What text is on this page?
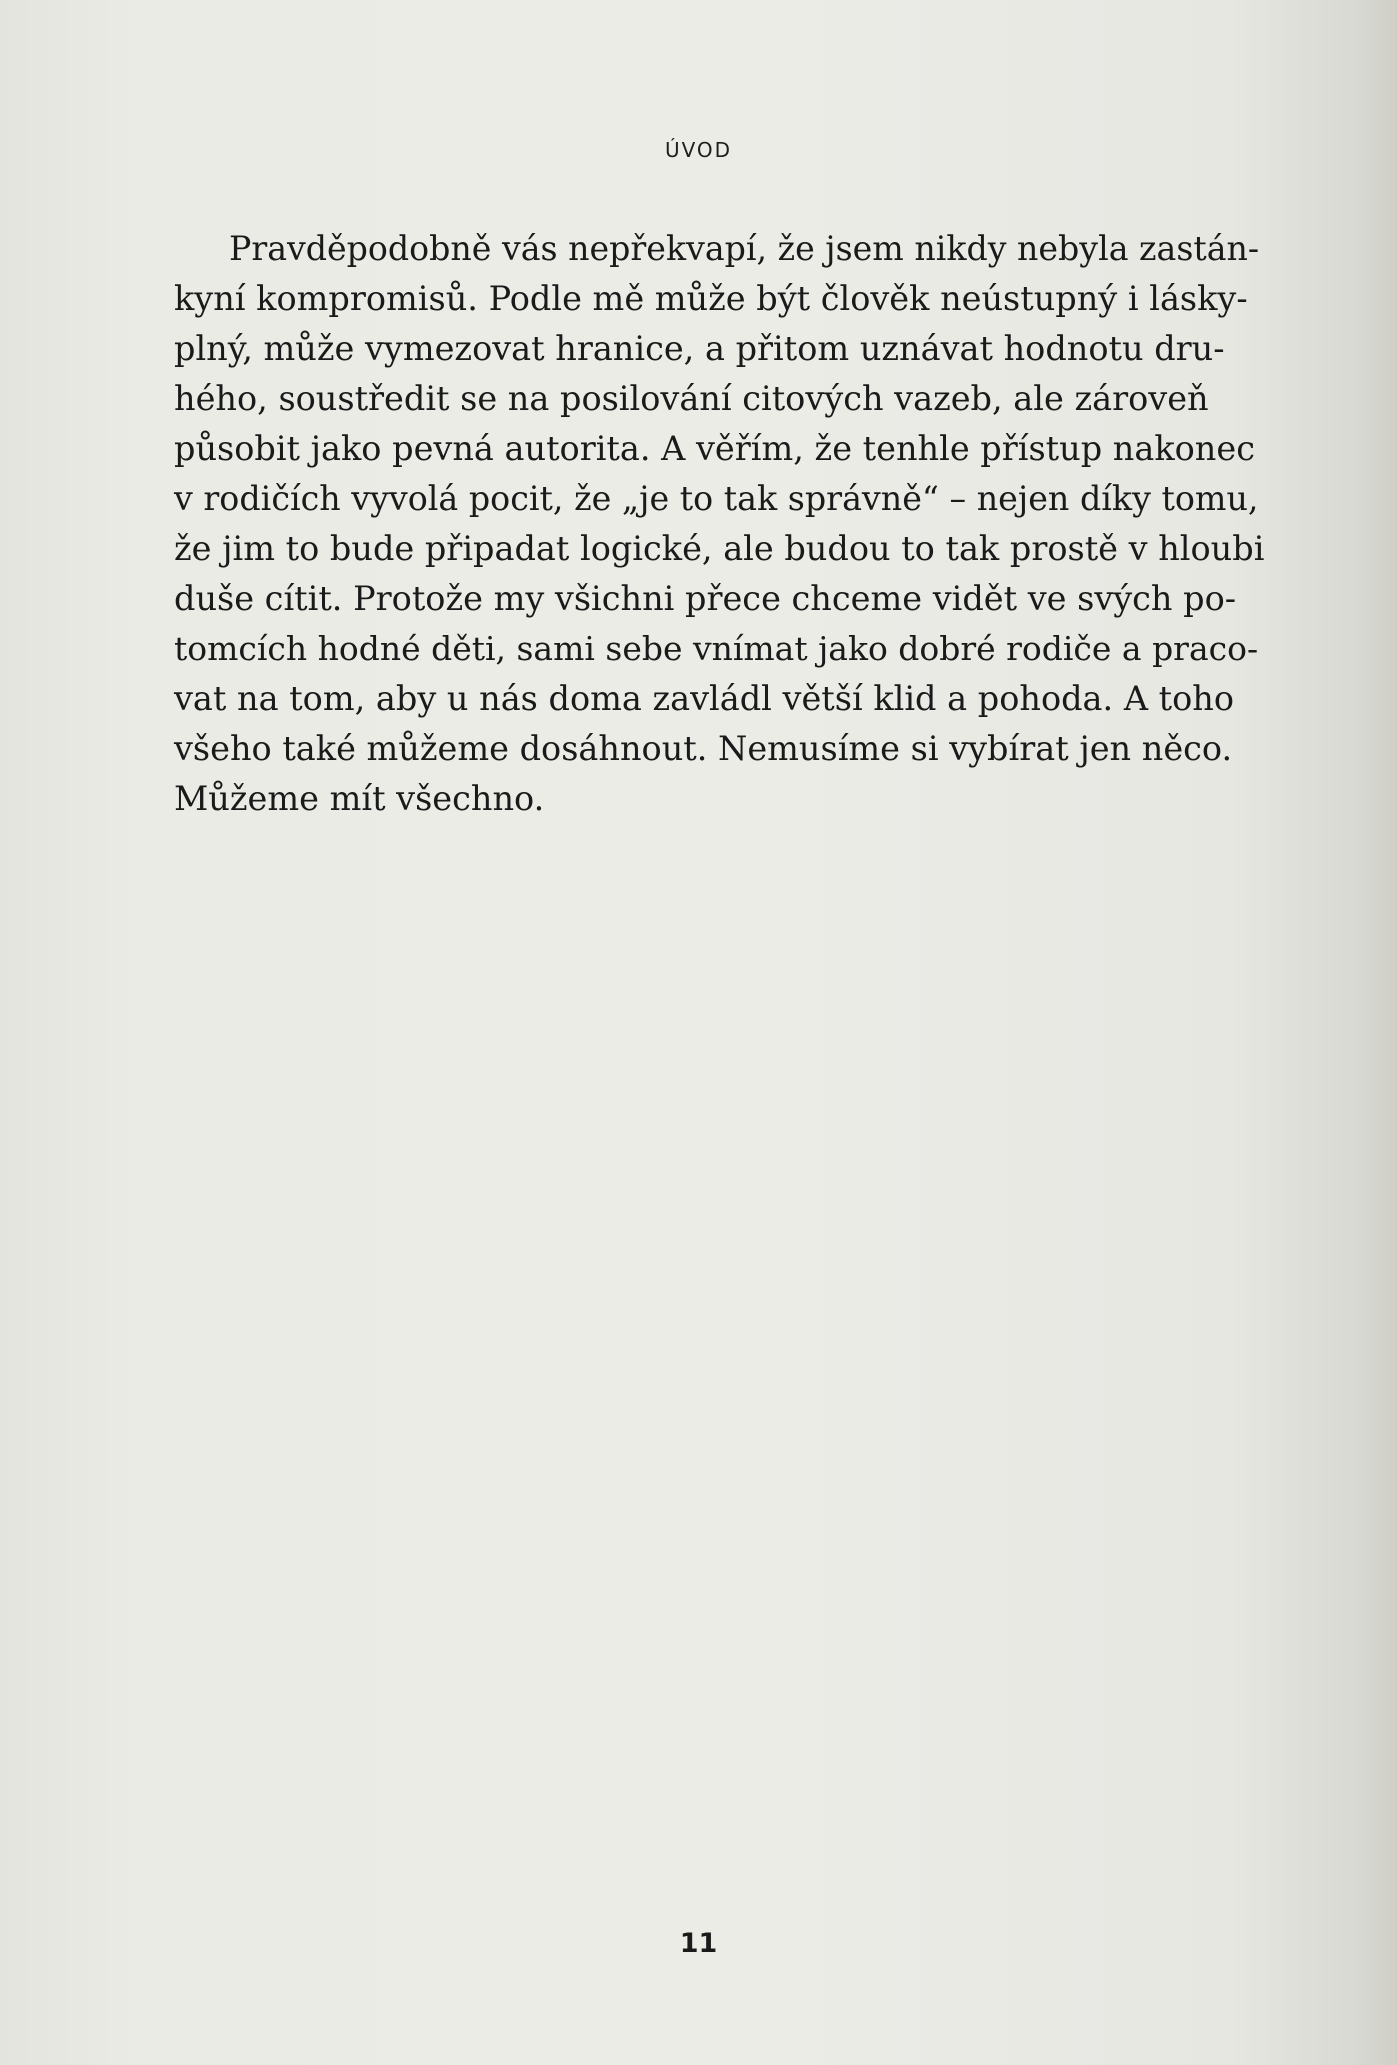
ÚVOD

Pravděpodobně vás nepřekvapí, že jsem nikdy nebyla zastán-
kyní kompromisů. Podle mě může být člověk neústupný i lásky-
plný, může vymezovat hranice, a přitom uznávat hodnotu dru-
hého, soustředit se na posilování citových vazeb, ale zároveň
působit jako pevná autorita. A věřím, že tenhle přístup nakonec
v rodičích vyvolá pocit, že „je to tak správně“ – nejen díky tomu,
že jim to bude připadat logické, ale budou to tak prostě v hloubi
duše cítit. Protože my všichni přece chceme vidět ve svých po-
tomcích hodné děti, sami sebe vnímat jako dobré rodiče a praco-
vat na tom, aby u nás doma zavládl větší klid a pohoda. A toho
všeho také můžeme dosáhnout. Nemusíme si vybírat jen něco.
Můžeme mít všechno.

11
